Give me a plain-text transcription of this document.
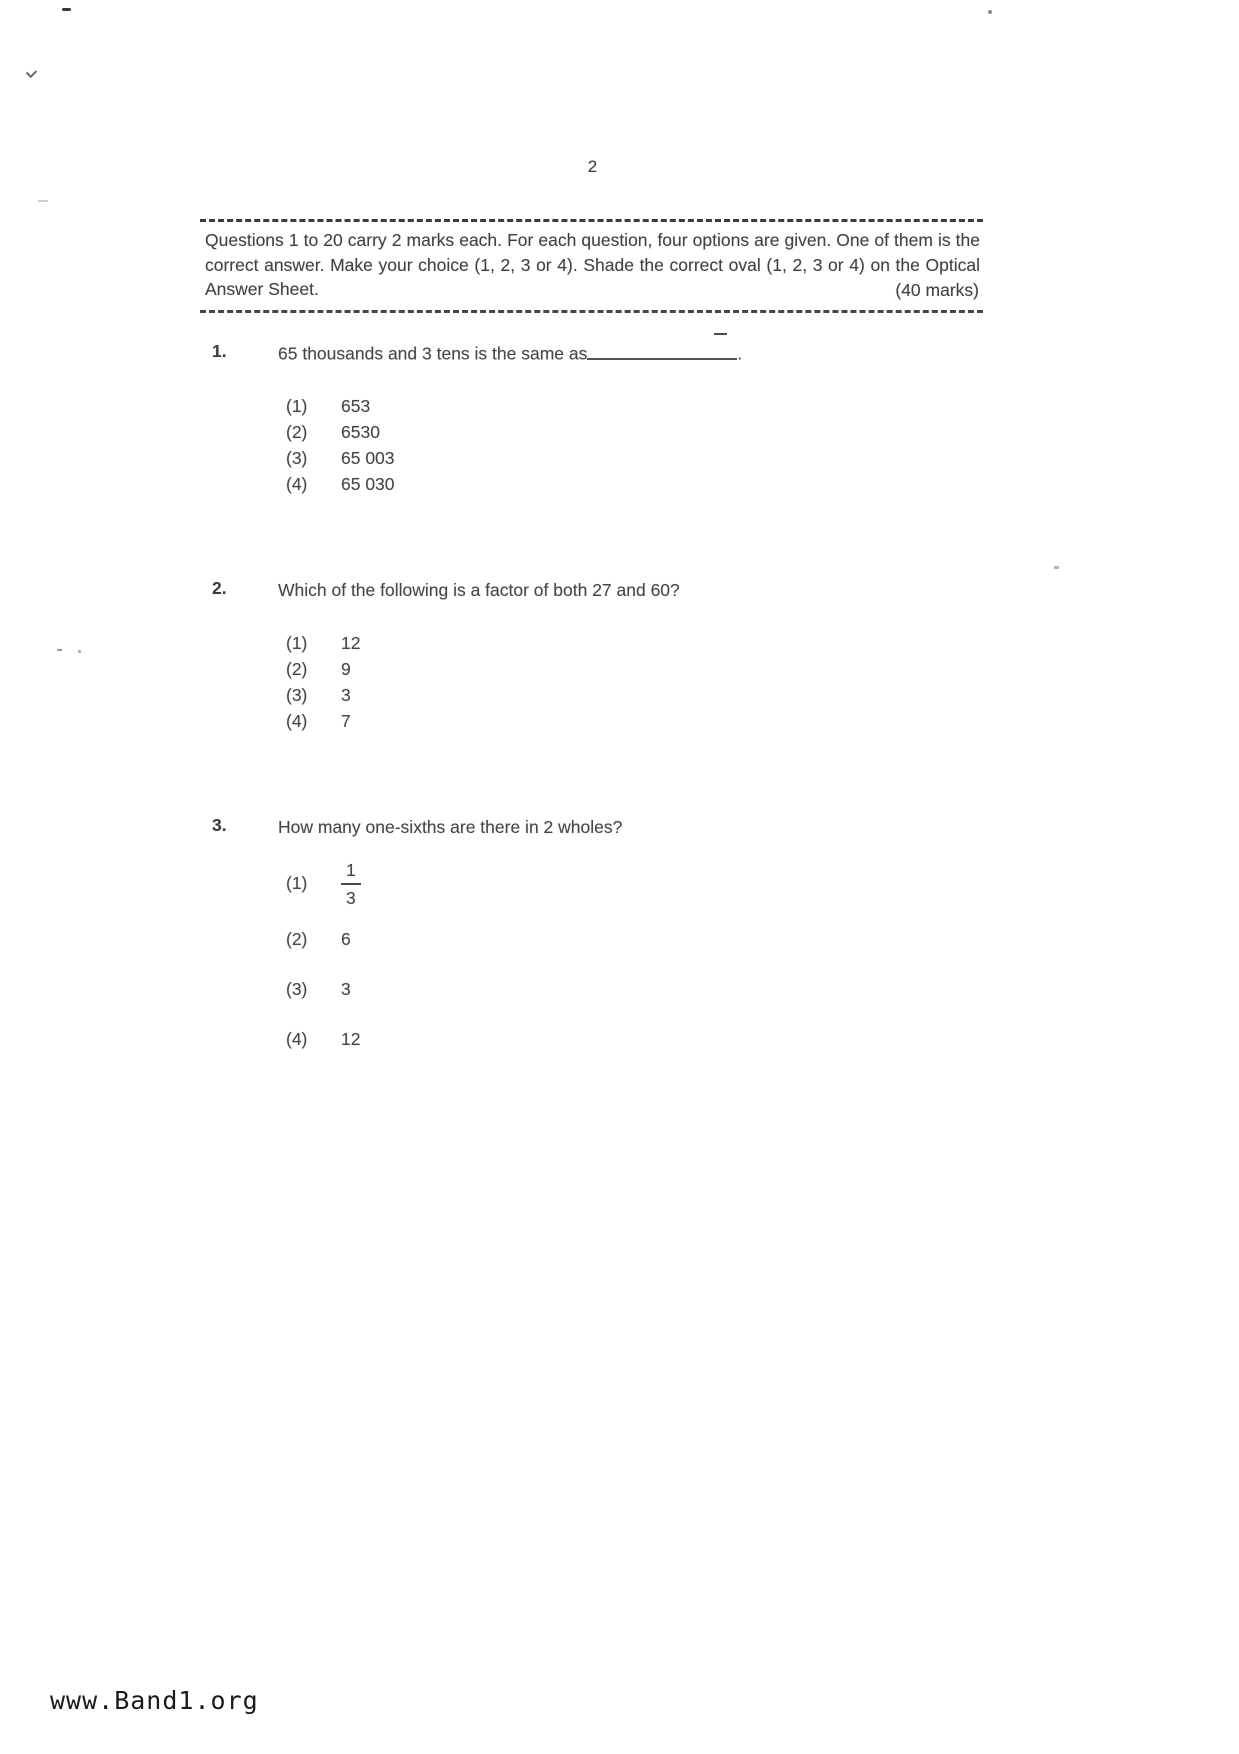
2
Questions 1 to 20 carry 2 marks each. For each question, four options are given. One of them is the correct answer. Make your choice (1, 2, 3 or 4). Shade the correct oval (1, 2, 3 or 4) on the Optical Answer Sheet.	(40 marks)
1.	65 thousands and 3 tens is the same as	.
(1)	653
(2)	6530
(3)	65 003
(4)	65 030
2.	Which of the following is a factor of both 27 and 60?
(1)	12
(2)	9
(3)	3
(4)	7
3.	How many one-sixths are there in 2 wholes?
(1)	$\frac{1}{3}$
(2)	6
(3)	3
(4)	12
www.Band1.org
